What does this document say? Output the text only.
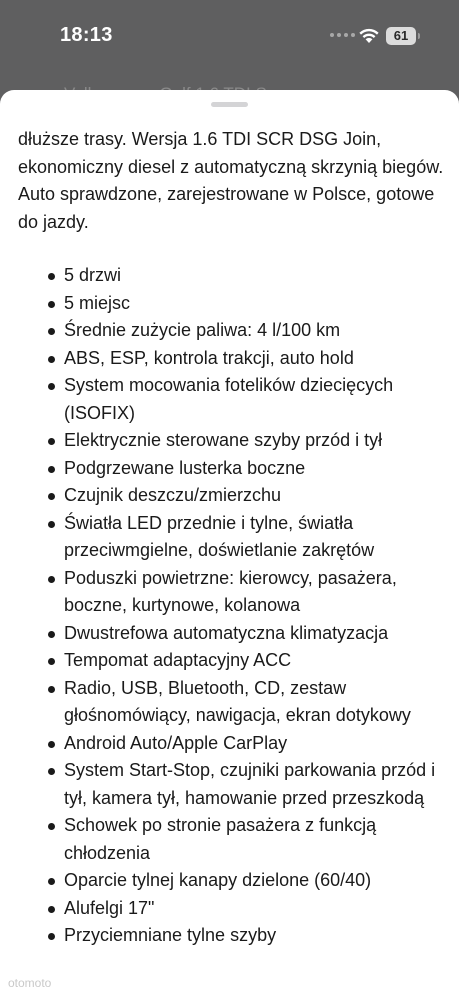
18:13	61

dłuższe trasy. Wersja 1.6 TDI SCR DSG Join, ekonomiczny diesel z automatyczną skrzynią biegów. Auto sprawdzone, zarejestrowane w Polsce, gotowe do jazdy.

5 drzwi
5 miejsc
Średnie zużycie paliwa: 4 l/100 km
ABS, ESP, kontrola trakcji, auto hold
System mocowania fotelików dziecięcych (ISOFIX)
Elektrycznie sterowane szyby przód i tył
Podgrzewane lusterka boczne
Czujnik deszczu/zmierzchu
Światła LED przednie i tylne, światła przeciwmgielne, doświetlanie zakrętów
Poduszki powietrzne: kierowcy, pasażera, boczne, kurtynowe, kolanowa
Dwustrefowa automatyczna klimatyzacja
Tempomat adaptacyjny ACC
Radio, USB, Bluetooth, CD, zestaw głośnomówiący, nawigacja, ekran dotykowy
Android Auto/Apple CarPlay
System Start-Stop, czujniki parkowania przód i tył, kamera tył, hamowanie przed przeszkodą
Schowek po stronie pasażera z funkcją chłodzenia
Oparcie tylnej kanapy dzielone (60/40)
Alufelgi 17"
Przyciemniane tylne szyby
otomoto
